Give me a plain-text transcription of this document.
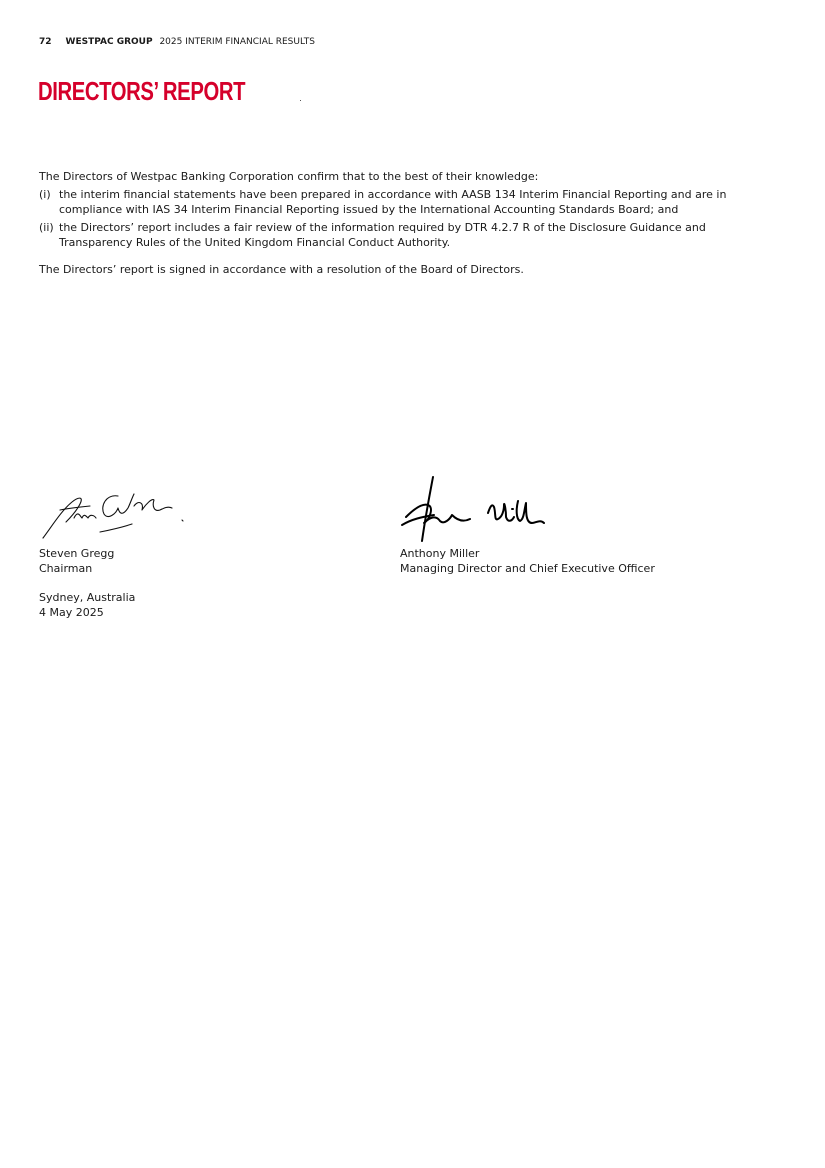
72 WESTPAC GROUP 2025 INTERIM FINANCIAL RESULTS
DIRECTORS’ REPORT

The Directors of Westpac Banking Corporation confirm that to the best of their knowledge:

(i) the interim financial statements have been prepared in accordance with AASB 134 Interim Financial Reporting and are in compliance with IAS 34 Interim Financial Reporting issued by the International Accounting Standards Board; and
(ii) the Directors’ report includes a fair review of the information required by DTR 4.2.7 R of the Disclosure Guidance and Transparency Rules of the United Kingdom Financial Conduct Authority.

The Directors’ report is signed in accordance with a resolution of the Board of Directors.

Steven Gregg
Chairman
Anthony Miller
Managing Director and Chief Executive Officer
Sydney, Australia
4 May 2025
